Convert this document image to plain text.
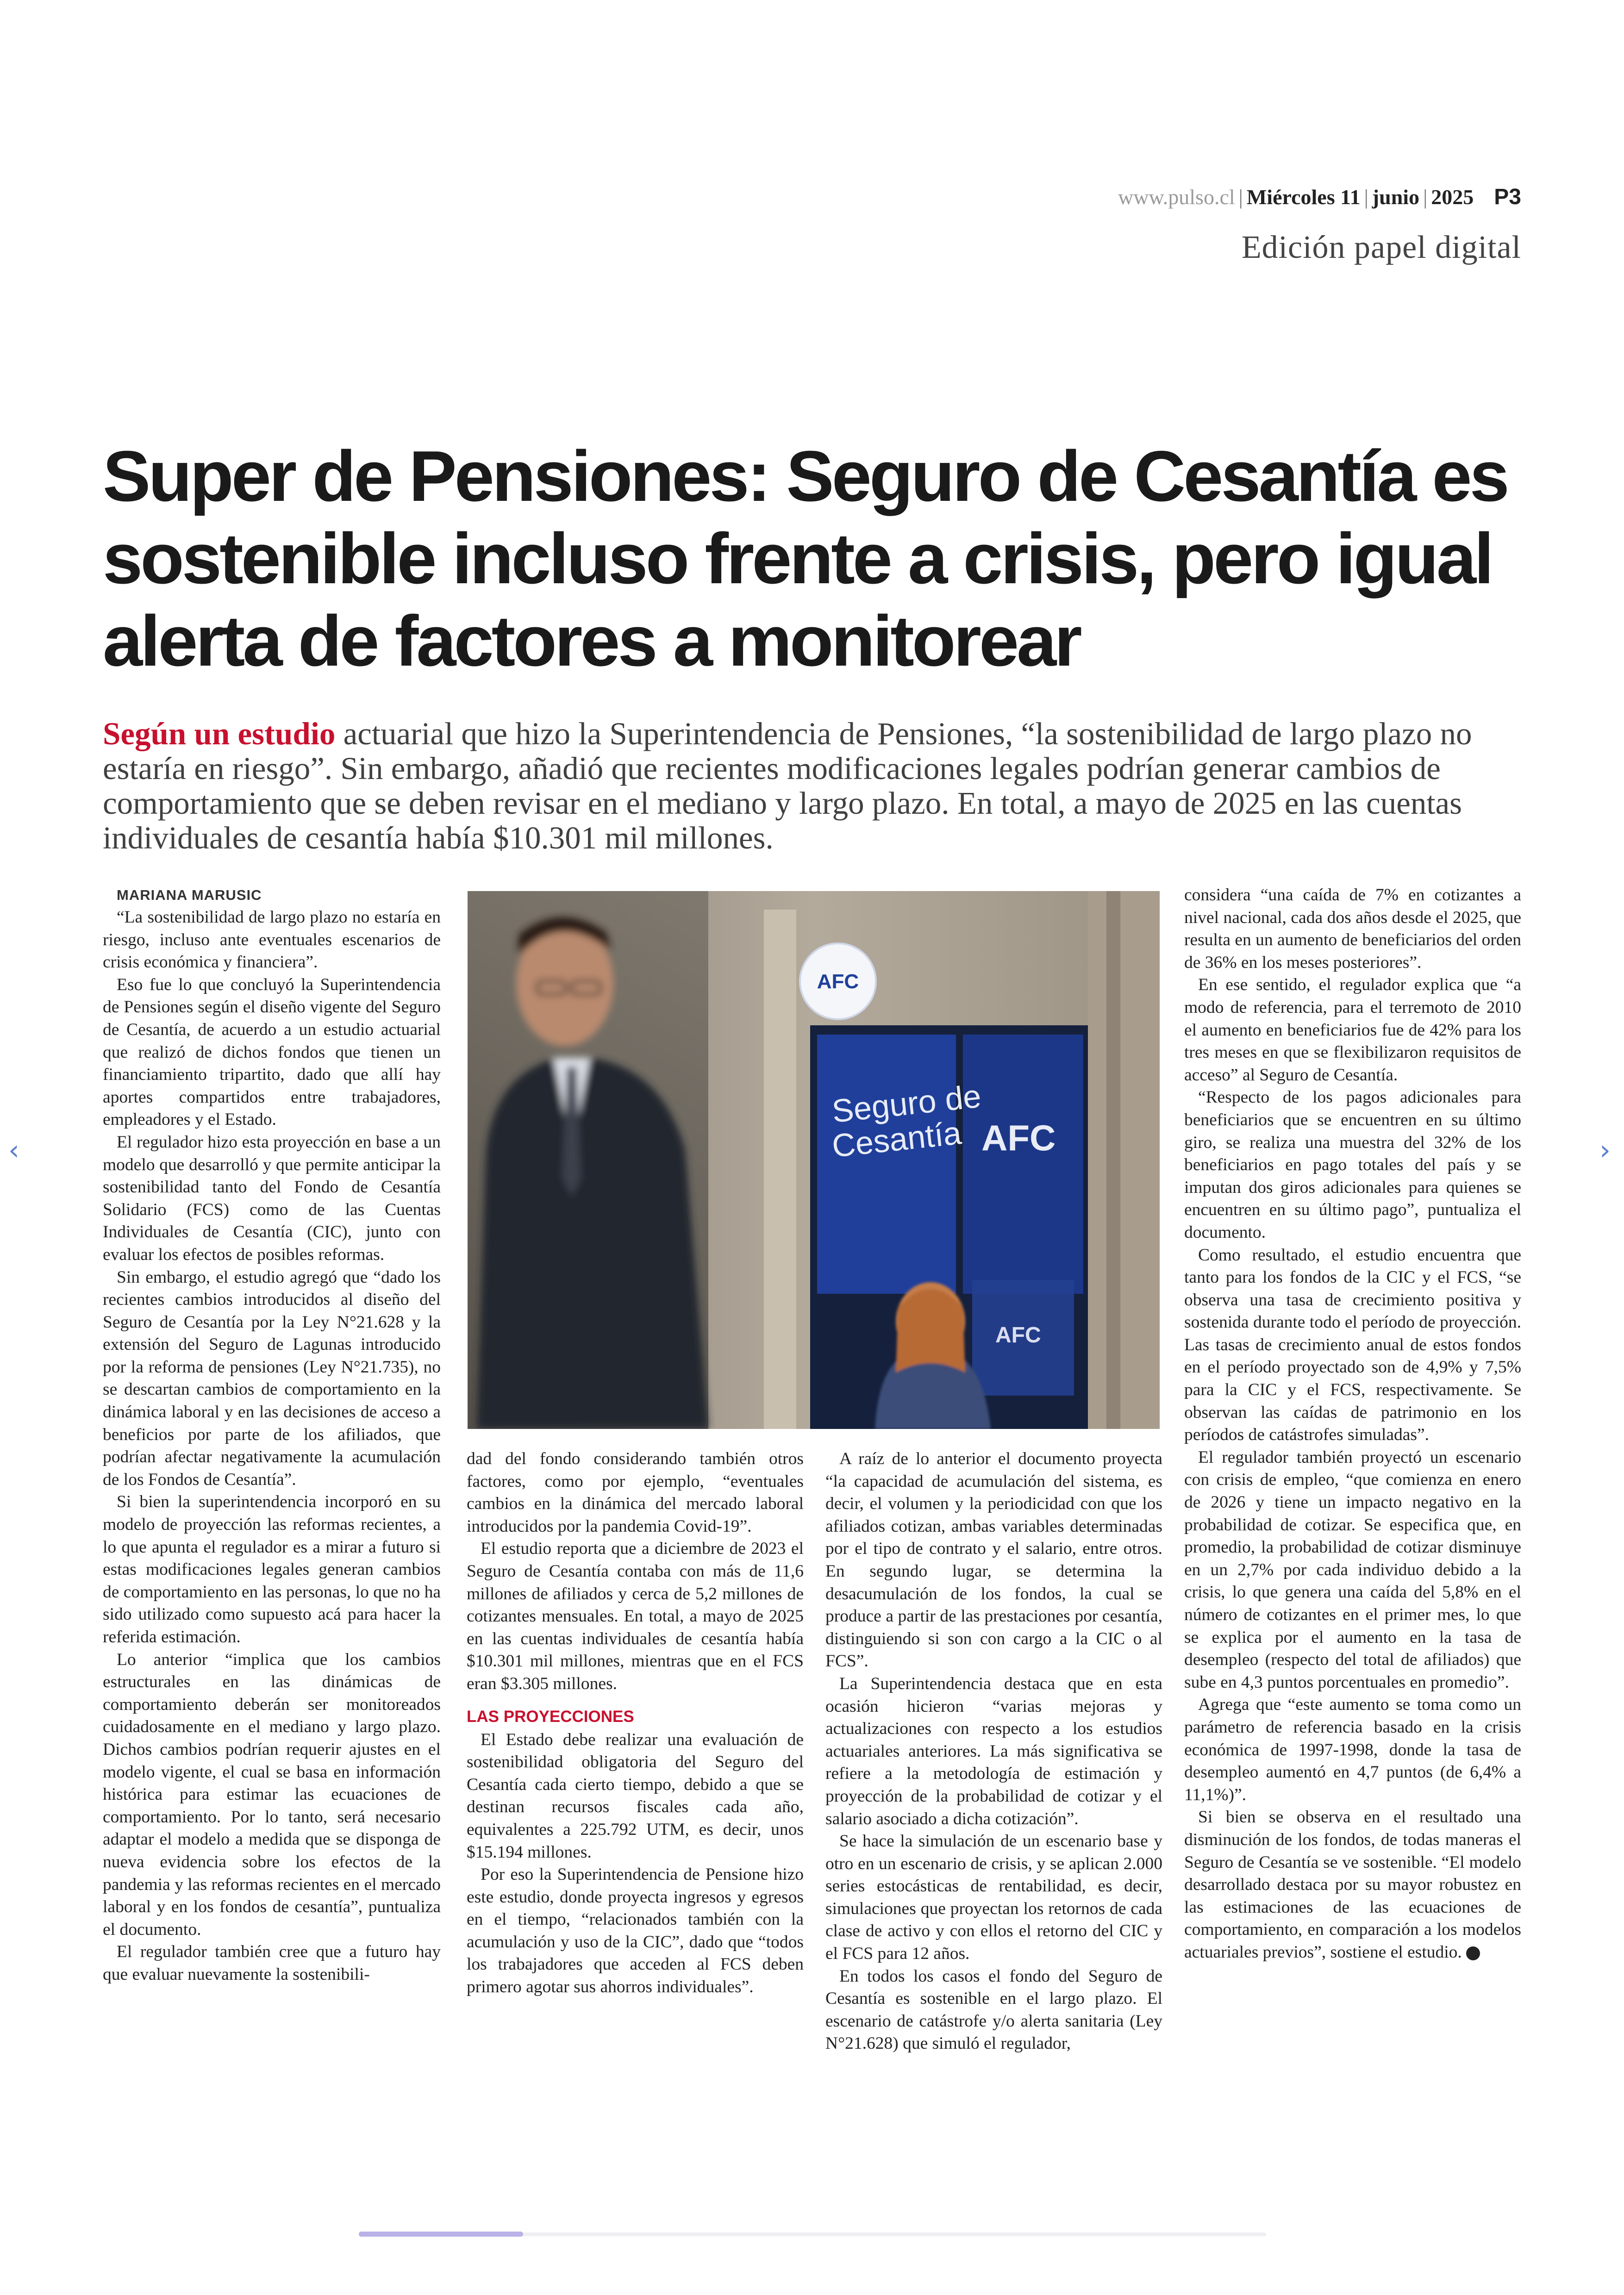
www.pulso.cl | Miércoles 11 | junio | 2025 P3
Edición papel digital
Super de Pensiones: Seguro de Cesantía es sostenible incluso frente a crisis, pero igual alerta de factores a monitorear

Según un estudio actuarial que hizo la Superintendencia de Pensiones, “la sostenibilidad de largo plazo no estaría en riesgo”. Sin embargo, añadió que recientes modificaciones legales podrían generar cambios de comportamiento que se deben revisar en el mediano y largo plazo. En total, a mayo de 2025 en las cuentas individuales de cesantía había $10.301 mil millones.

MARIANA MARUSIC

“La sostenibilidad de largo plazo no estaría en riesgo, incluso ante eventuales escenarios de crisis económica y financiera”.

Eso fue lo que concluyó la Superintendencia de Pensiones según el diseño vigente del Seguro de Cesantía, de acuerdo a un estudio actuarial que realizó de dichos fondos que tienen un financiamiento tripartito, dado que allí hay aportes compartidos entre trabajadores, empleadores y el Estado.

El regulador hizo esta proyección en base a un modelo que desarrolló y que permite anticipar la sostenibilidad tanto del Fondo de Cesantía Solidario (FCS) como de las Cuentas Individuales de Cesantía (CIC), junto con evaluar los efectos de posibles reformas.

Sin embargo, el estudio agregó que “dado los recientes cambios introducidos al diseño del Seguro de Cesantía por la Ley N°21.628 y la extensión del Seguro de Lagunas introducido por la reforma de pensiones (Ley N°21.735), no se descartan cambios de comportamiento en la dinámica laboral y en las decisiones de acceso a beneficios por parte de los afiliados, que podrían afectar negativamente la acumulación de los Fondos de Cesantía”.

Si bien la superintendencia incorporó en su modelo de proyección las reformas recientes, a lo que apunta el regulador es a mirar a futuro si estas modificaciones legales generan cambios de comportamiento en las personas, lo que no ha sido utilizado como supuesto acá para hacer la referida estimación.

Lo anterior “implica que los cambios estructurales en las dinámicas de comportamiento deberán ser monitoreados cuidadosamente en el mediano y largo plazo. Dichos cambios podrían requerir ajustes en el modelo vigente, el cual se basa en información histórica para estimar las ecuaciones de comportamiento. Por lo tanto, será necesario adaptar el modelo a medida que se disponga de nueva evidencia sobre los efectos de la pandemia y las reformas recientes en el mercado laboral y en los fondos de cesantía”, puntualiza el documento.

El regulador también cree que a futuro hay que evaluar nuevamente la sostenibili-

AFC
Seguro de
Cesantía AFC
AFC

dad del fondo considerando también otros factores, como por ejemplo, “eventuales cambios en la dinámica del mercado laboral introducidos por la pandemia Covid-19”.

El estudio reporta que a diciembre de 2023 el Seguro de Cesantía contaba con más de 11,6 millones de afiliados y cerca de 5,2 millones de cotizantes mensuales. En total, a mayo de 2025 en las cuentas individuales de cesantía había $10.301 mil millones, mientras que en el FCS eran $3.305 millones.

LAS PROYECCIONES

El Estado debe realizar una evaluación de sostenibilidad obligatoria del Seguro del Cesantía cada cierto tiempo, debido a que se destinan recursos fiscales cada año, equivalentes a 225.792 UTM, es decir, unos $15.194 millones.

Por eso la Superintendencia de Pensione hizo este estudio, donde proyecta ingresos y egresos en el tiempo, “relacionados también con la acumulación y uso de la CIC”, dado que “todos los trabajadores que acceden al FCS deben primero agotar sus ahorros individuales”.

A raíz de lo anterior el documento proyecta “la capacidad de acumulación del sistema, es decir, el volumen y la periodicidad con que los afiliados cotizan, ambas variables determinadas por el tipo de contrato y el salario, entre otros. En segundo lugar, se determina la desacumulación de los fondos, la cual se produce a partir de las prestaciones por cesantía, distinguiendo si son con cargo a la CIC o al FCS”.

La Superintendencia destaca que en esta ocasión hicieron “varias mejoras y actualizaciones con respecto a los estudios actuariales anteriores. La más significativa se refiere a la metodología de estimación y proyección de la probabilidad de cotizar y el salario asociado a dicha cotización”.

Se hace la simulación de un escenario base y otro en un escenario de crisis, y se aplican 2.000 series estocásticas de rentabilidad, es decir, simulaciones que proyectan los retornos de cada clase de activo y con ellos el retorno del CIC y el FCS para 12 años.

En todos los casos el fondo del Seguro de Cesantía es sostenible en el largo plazo. El escenario de catástrofe y/o alerta sanitaria (Ley N°21.628) que simuló el regulador,

considera “una caída de 7% en cotizantes a nivel nacional, cada dos años desde el 2025, que resulta en un aumento de beneficiarios del orden de 36% en los meses posteriores”.

En ese sentido, el regulador explica que “a modo de referencia, para el terremoto de 2010 el aumento en beneficiarios fue de 42% para los tres meses en que se flexibilizaron requisitos de acceso” al Seguro de Cesantía.

“Respecto de los pagos adicionales para beneficiarios que se encuentren en su último giro, se realiza una muestra del 32% de los beneficiarios en pago totales del país y se imputan dos giros adicionales para quienes se encuentren en su último pago”, puntualiza el documento.

Como resultado, el estudio encuentra que tanto para los fondos de la CIC y el FCS, “se observa una tasa de crecimiento positiva y sostenida durante todo el período de proyección. Las tasas de crecimiento anual de estos fondos en el período proyectado son de 4,9% y 7,5% para la CIC y el FCS, respectivamente. Se observan las caídas de patrimonio en los períodos de catástrofes simuladas”.

El regulador también proyectó un escenario con crisis de empleo, “que comienza en enero de 2026 y tiene un impacto negativo en la probabilidad de cotizar. Se especifica que, en promedio, la probabilidad de cotizar disminuye en un 2,7% por cada individuo debido a la crisis, lo que genera una caída del 5,8% en el número de cotizantes en el primer mes, lo que se explica por el aumento en la tasa de desempleo (respecto del total de afiliados) que sube en 4,3 puntos porcentuales en promedio”.

Agrega que “este aumento se toma como un parámetro de referencia basado en la crisis económica de 1997-1998, donde la tasa de desempleo aumentó en 4,7 puntos (de 6,4% a 11,1%)”.

Si bien se observa en el resultado una disminución de los fondos, de todas maneras el Seguro de Cesantía se ve sostenible. “El modelo desarrollado destaca por su mayor robustez en las estimaciones de las ecuaciones de comportamiento, en comparación a los modelos actuariales previos”, sostiene el estudio. P

‹	›
